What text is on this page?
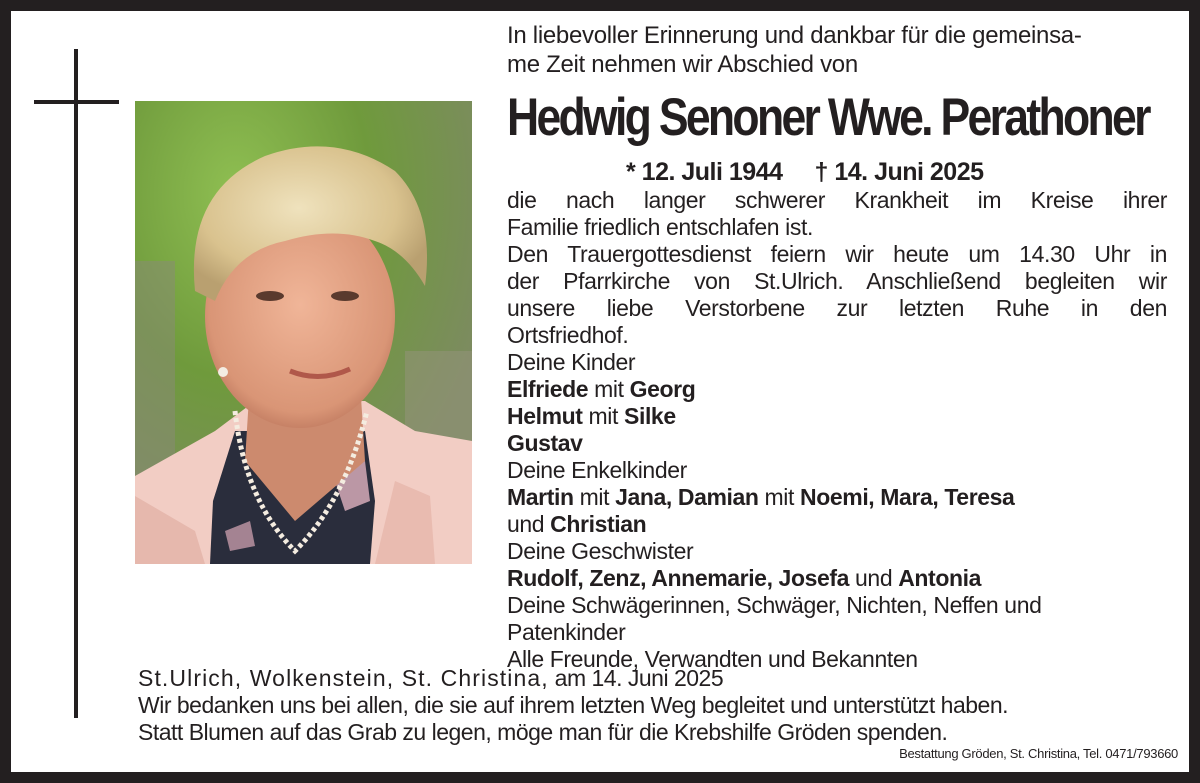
In liebevoller Erinnerung und dankbar für die gemeinsa-
me Zeit nehmen wir Abschied von
Hedwig Senoner Wwe. Perathoner
* 12. Juli 1944 † 14. Juni 2025

die nach langer schwerer Krankheit im Kreise ihrer

Familie friedlich entschlafen ist.

Den Trauergottesdienst feiern wir heute um 14.30 Uhr in

der Pfarrkirche von St.Ulrich. Anschließend begleiten wir

unsere liebe Verstorbene zur letzten Ruhe in den

Ortsfriedhof.

Deine Kinder

Elfriede mit Georg

Helmut mit Silke

Gustav

Deine Enkelkinder

Martin mit Jana, Damian mit Noemi, Mara, Teresa

und Christian

Deine Geschwister

Rudolf, Zenz, Annemarie, Josefa und Antonia

Deine Schwägerinnen, Schwäger, Nichten, Neffen und

Patenkinder

Alle Freunde, Verwandten und Bekannten

St.Ulrich, Wolkenstein, St. Christina, am 14. Juni 2025

Wir bedanken uns bei allen, die sie auf ihrem letzten Weg begleitet und unterstützt haben.

Statt Blumen auf das Grab zu legen, möge man für die Krebshilfe Gröden spenden.

Bestattung Gröden, St. Christina, Tel. 0471/793660
